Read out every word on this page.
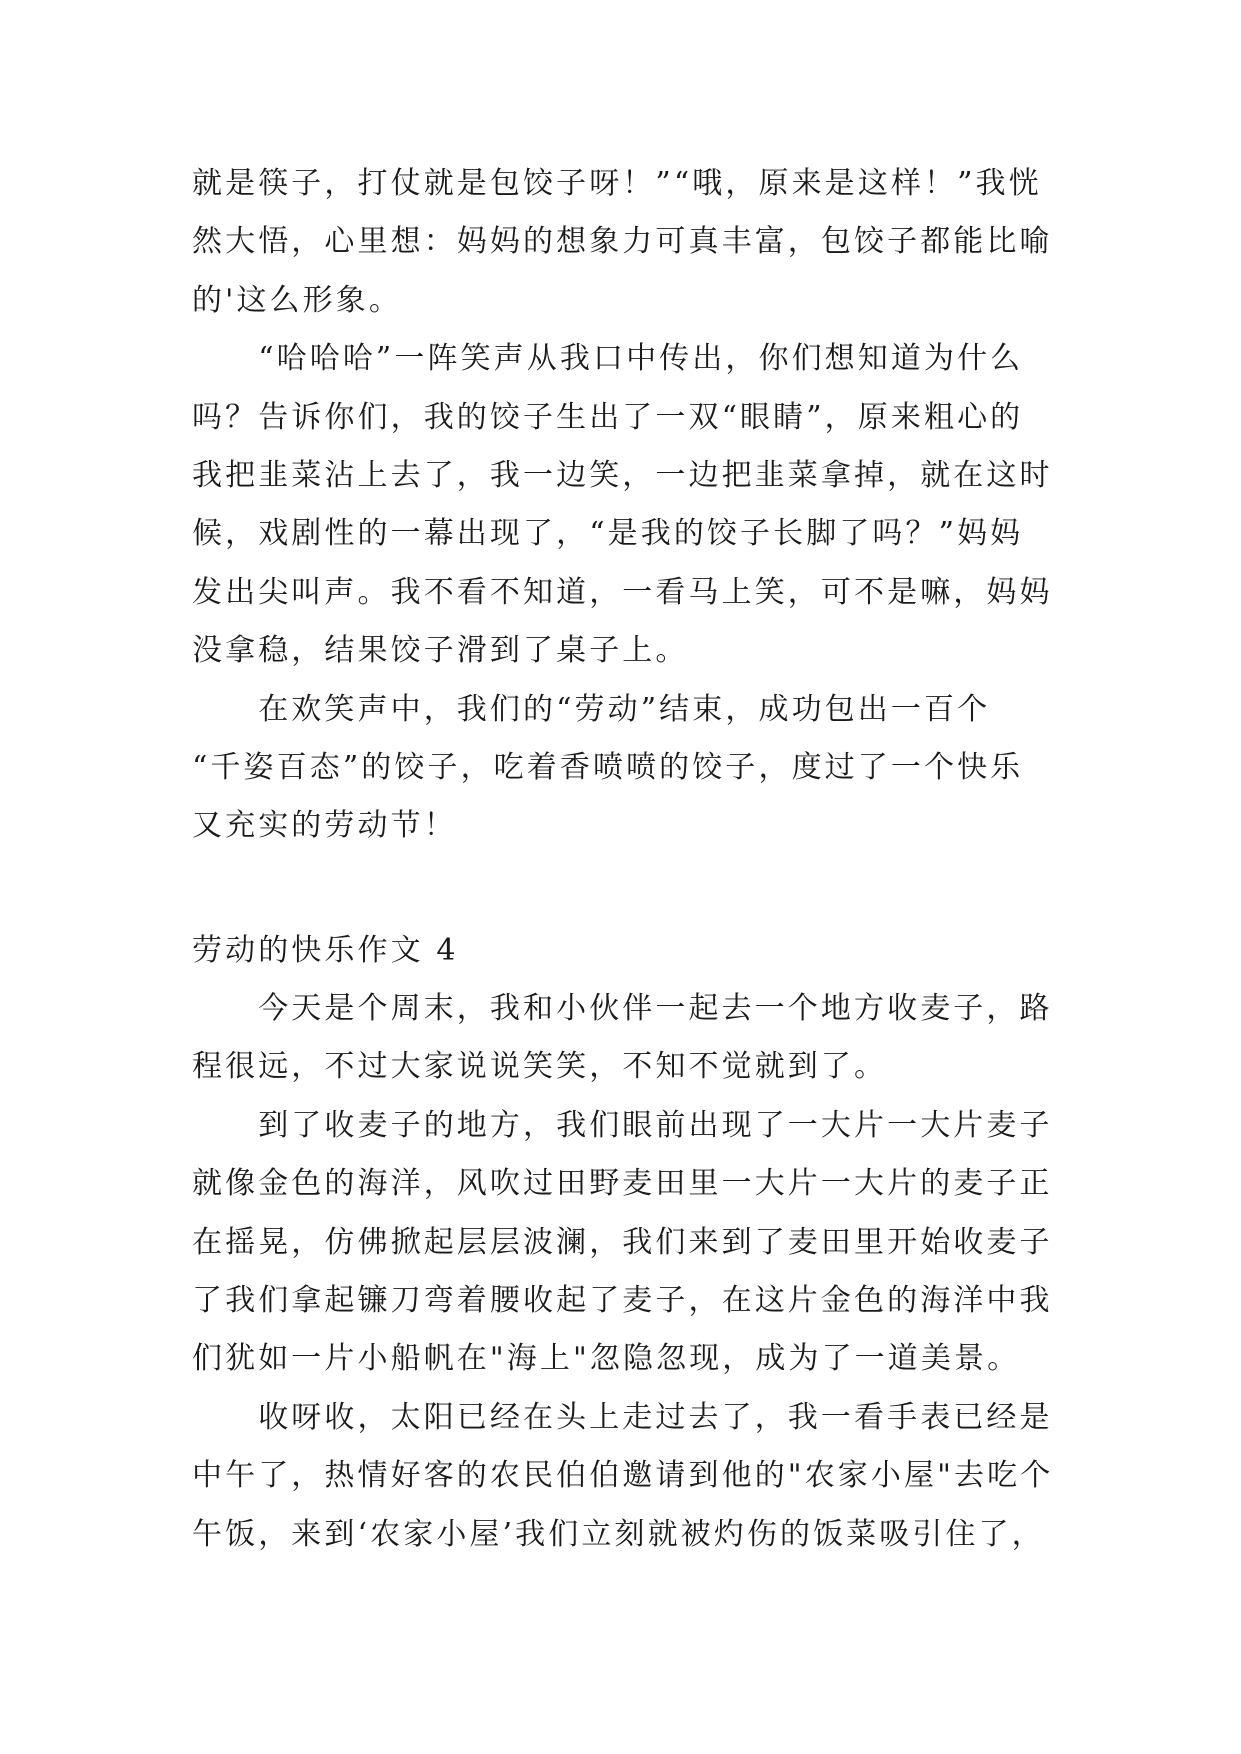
就是筷子，打仗就是包饺子呀！”“哦，原来是这样！”我恍
然大悟，心里想：妈妈的想象力可真丰富，包饺子都能比喻
的'这么形象。
　　“哈哈哈”一阵笑声从我口中传出，你们想知道为什么
吗？告诉你们，我的饺子生出了一双“眼睛”，原来粗心的
我把韭菜沾上去了，我一边笑，一边把韭菜拿掉，就在这时
候，戏剧性的一幕出现了，“是我的饺子长脚了吗？”妈妈
发出尖叫声。我不看不知道，一看马上笑，可不是嘛，妈妈
没拿稳，结果饺子滑到了桌子上。
　　在欢笑声中，我们的“劳动”结束，成功包出一百个
“千姿百态”的饺子，吃着香喷喷的饺子，度过了一个快乐
又充实的劳动节！
劳动的快乐作文 4
　　今天是个周末，我和小伙伴一起去一个地方收麦子，路
程很远，不过大家说说笑笑，不知不觉就到了。
　　到了收麦子的地方，我们眼前出现了一大片一大片麦子
就像金色的海洋，风吹过田野麦田里一大片一大片的麦子正
在摇晃，仿佛掀起层层波澜，我们来到了麦田里开始收麦子
了我们拿起镰刀弯着腰收起了麦子，在这片金色的海洋中我
们犹如一片小船帆在"海上"忽隐忽现，成为了一道美景。
　　收呀收，太阳已经在头上走过去了，我一看手表已经是
中午了，热情好客的农民伯伯邀请到他的"农家小屋"去吃个
午饭，来到‘农家小屋’我们立刻就被灼伤的饭菜吸引住了，
